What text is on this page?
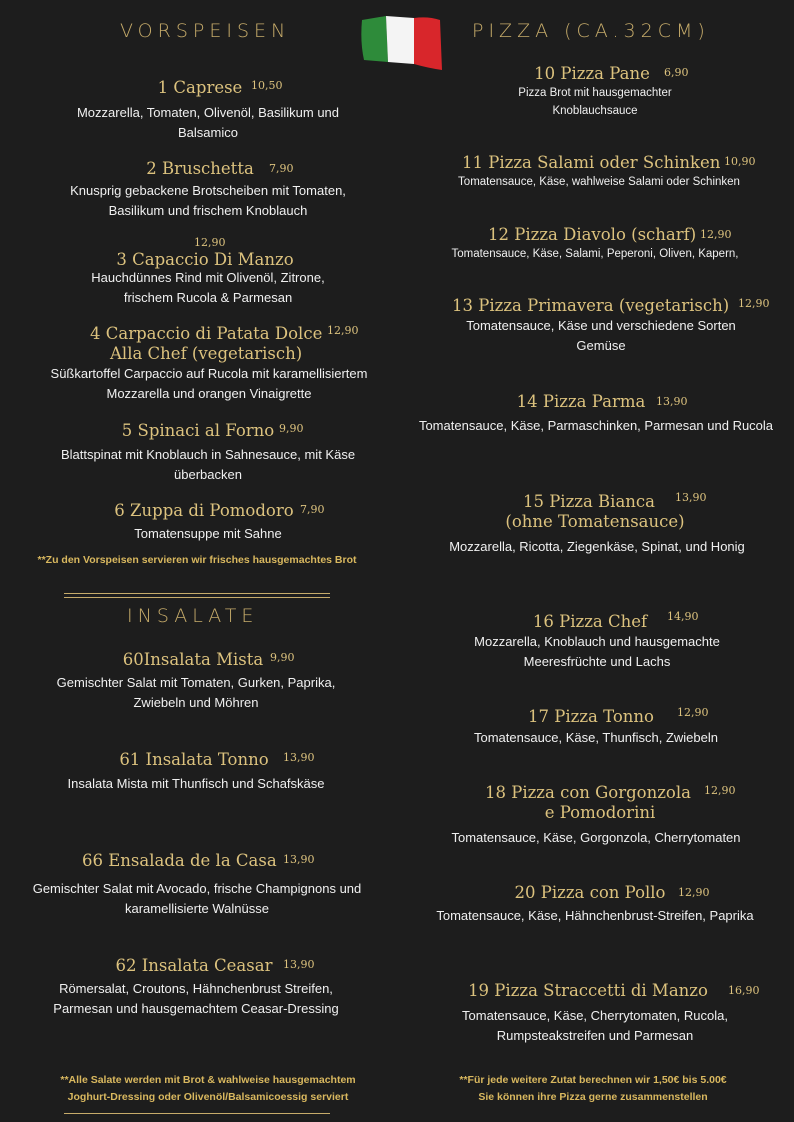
VORSPEISEN	PIZZA (CA.32CM)
1 Caprese 10,50
Mozzarella, Tomaten, Olivenöl, Basilikum und Balsamico
2 Bruschetta	7,90
Knusprig gebackene Brotscheiben mit Tomaten, Basilikum und frischem Knoblauch
12,90
3 Capaccio Di Manzo
Hauchdünnes Rind mit Olivenöl, Zitrone, frischem Rucola & Parmesan
4 Carpaccio di Patata Dolce 12,90
Alla Chef (vegetarisch)
Süßkartoffel Carpaccio auf Rucola mit karamellisiertem Mozzarella und orangen Vinaigrette
5 Spinaci al Forno 9,90
Blattspinat mit Knoblauch in Sahnesauce, mit Käse überbacken
6 Zuppa di Pomodoro 7,90
Tomatensuppe mit Sahne
**Zu den Vorspeisen servieren wir frisches hausgemachtes Brot
INSALATE
60Insalata Mista 9,90
Gemischter Salat mit Tomaten, Gurken, Paprika, Zwiebeln und Möhren
61 Insalata Tonno 13,90
Insalata Mista mit Thunfisch und Schafskäse
66 Ensalada de la Casa 13,90
Gemischter Salat mit Avocado, frische Champignons und karamellisierte Walnüsse
62 Insalata Ceasar 13,90
Römersalat, Croutons, Hähnchenbrust Streifen, Parmesan und hausgemachtem Ceasar-Dressing
**Alle Salate werden mit Brot & wahlweise hausgemachtem
Joghurt-Dressing oder Olivenöl/Balsamicoessig serviert
10 Pizza Pane	6,90
Pizza Brot mit hausgemachter Knoblauchsauce
11 Pizza Salami oder Schinken 10,90
Tomatensauce, Käse, wahlweise Salami oder Schinken
12 Pizza Diavolo (scharf) 12,90
Tomatensauce, Käse, Salami, Peperoni, Oliven, Kapern,
13 Pizza Primavera (vegetarisch) 12,90
Tomatensauce, Käse und verschiedene Sorten Gemüse
14 Pizza Parma 13,90
Tomatensauce, Käse, Parmaschinken, Parmesan und Rucola
15 Pizza Bianca 13,90
(ohne Tomatensauce)
Mozzarella, Ricotta, Ziegenkäse, Spinat, und Honig
16 Pizza Chef 14,90
Mozzarella, Knoblauch und hausgemachte Meeresfrüchte und Lachs
17 Pizza Tonno 12,90
Tomatensauce, Käse, Thunfisch, Zwiebeln
18 Pizza con Gorgonzola 12,90
e Pomodorini
Tomatensauce, Käse, Gorgonzola, Cherrytomaten
20 Pizza con Pollo	12,90
Tomatensauce, Käse, Hähnchenbrust-Streifen, Paprika
19 Pizza Straccetti di Manzo	16,90
Tomatensauce, Käse, Cherrytomaten, Rucola, Rumpsteakstreifen und Parmesan
**Für jede weitere Zutat berechnen wir 1,50€ bis 5.00€
Sie können ihre Pizza gerne zusammenstellen
